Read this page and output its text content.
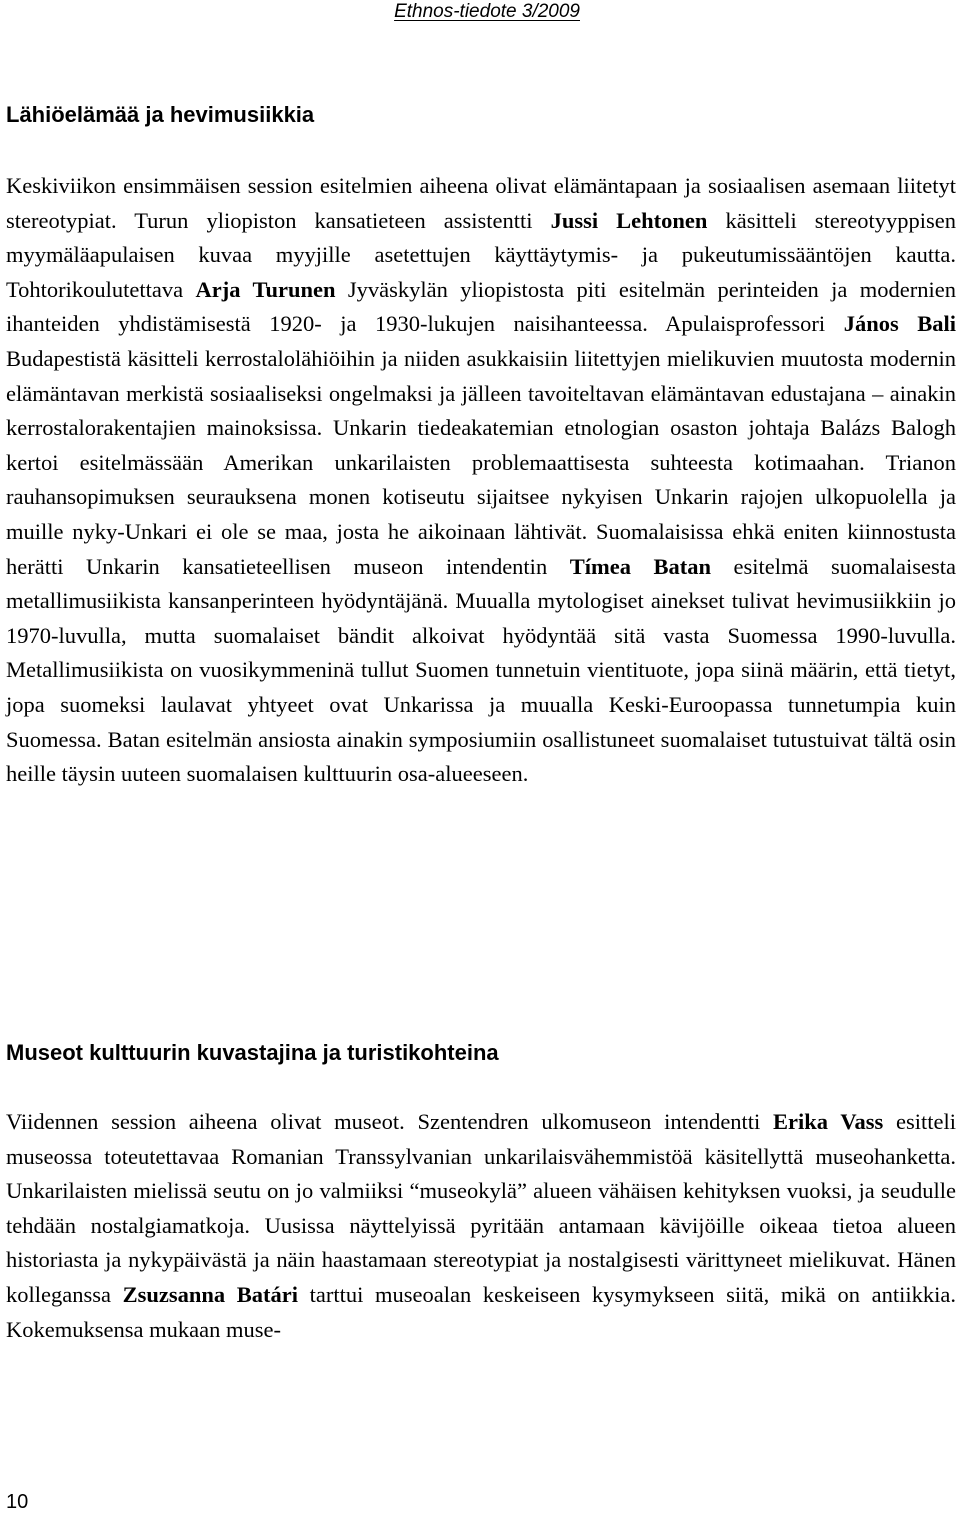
Ethnos-tiedote 3/2009
Lähiöelämää ja hevimusiikkia

Keskiviikon ensimmäisen session esitelmien aiheena olivat elämäntapaan ja sosiaalisen asemaan liitetyt stereotypiat. Turun yliopiston kansatieteen assistentti Jussi Lehtonen käsitteli stereotyyppisen myymäläapulaisen kuvaa myyjille asetettujen käyttäytymis- ja pukeutumissääntöjen kautta. Tohtorikoulutettava Arja Turunen Jyväskylän yliopistosta piti esitelmän perinteiden ja modernien ihanteiden yhdistämisestä 1920- ja 1930-lukujen naisihanteessa. Apulaisprofessori János Bali Budapestistä käsitteli kerrostalolähiöihin ja niiden asukkaisiin liitettyjen mielikuvien muutosta modernin elämäntavan merkistä sosiaaliseksi ongelmaksi ja jälleen tavoiteltavan elämäntavan edustajana – ainakin kerrostalorakentajien mainoksissa. Unkarin tiedeakatemian etnologian osaston johtaja Balázs Balogh kertoi esitelmässään Amerikan unkarilaisten problemaattisesta suhteesta kotimaahan. Trianon rauhansopimuksen seurauksena monen kotiseutu sijaitsee nykyisen Unkarin rajojen ulkopuolella ja muille nyky-Unkari ei ole se maa, josta he aikoinaan lähtivät. Suomalaisissa ehkä eniten kiinnostusta herätti Unkarin kansatieteellisen museon intendentin Tímea Batan esitelmä suomalaisesta metallimusiikista kansanperinteen hyödyntäjänä. Muualla mytologiset ainekset tulivat hevimusiikkiin jo 1970-luvulla, mutta suomalaiset bändit alkoivat hyödyntää sitä vasta Suomessa 1990-luvulla. Metallimusiikista on vuosikymmeninä tullut Suomen tunnetuin vientituote, jopa siinä määrin, että tietyt, jopa suomeksi laulavat yhtyeet ovat Unkarissa ja muualla Keski-Euroopassa tunnetumpia kuin Suomessa. Batan esitelmän ansiosta ainakin symposiumiin osallistuneet suomalaiset tutustuivat tältä osin heille täysin uuteen suomalaisen kulttuurin osa-alueeseen.

Museot kulttuurin kuvastajina ja turistikohteina

Viidennen session aiheena olivat museot. Szentendren ulkomuseon intendentti Erika Vass esitteli museossa toteutettavaa Romanian Transsylvanian unkarilaisvähemmistöä käsitellyttä museohanketta. Unkarilaisten mielissä seutu on jo valmiiksi “museokylä” alueen vähäisen kehityksen vuoksi, ja seudulle tehdään nostalgiamatkoja. Uusissa näyttelyissä pyritään antamaan kävijöille oikeaa tietoa alueen historiasta ja nykypäivästä ja näin haastamaan stereotypiat ja nostalgisesti värittyneet mielikuvat. Hänen kolleganssa Zsuzsanna Batári tarttui museoalan keskeiseen kysymykseen siitä, mikä on antiikkia. Kokemuksensa mukaan muse-

10
